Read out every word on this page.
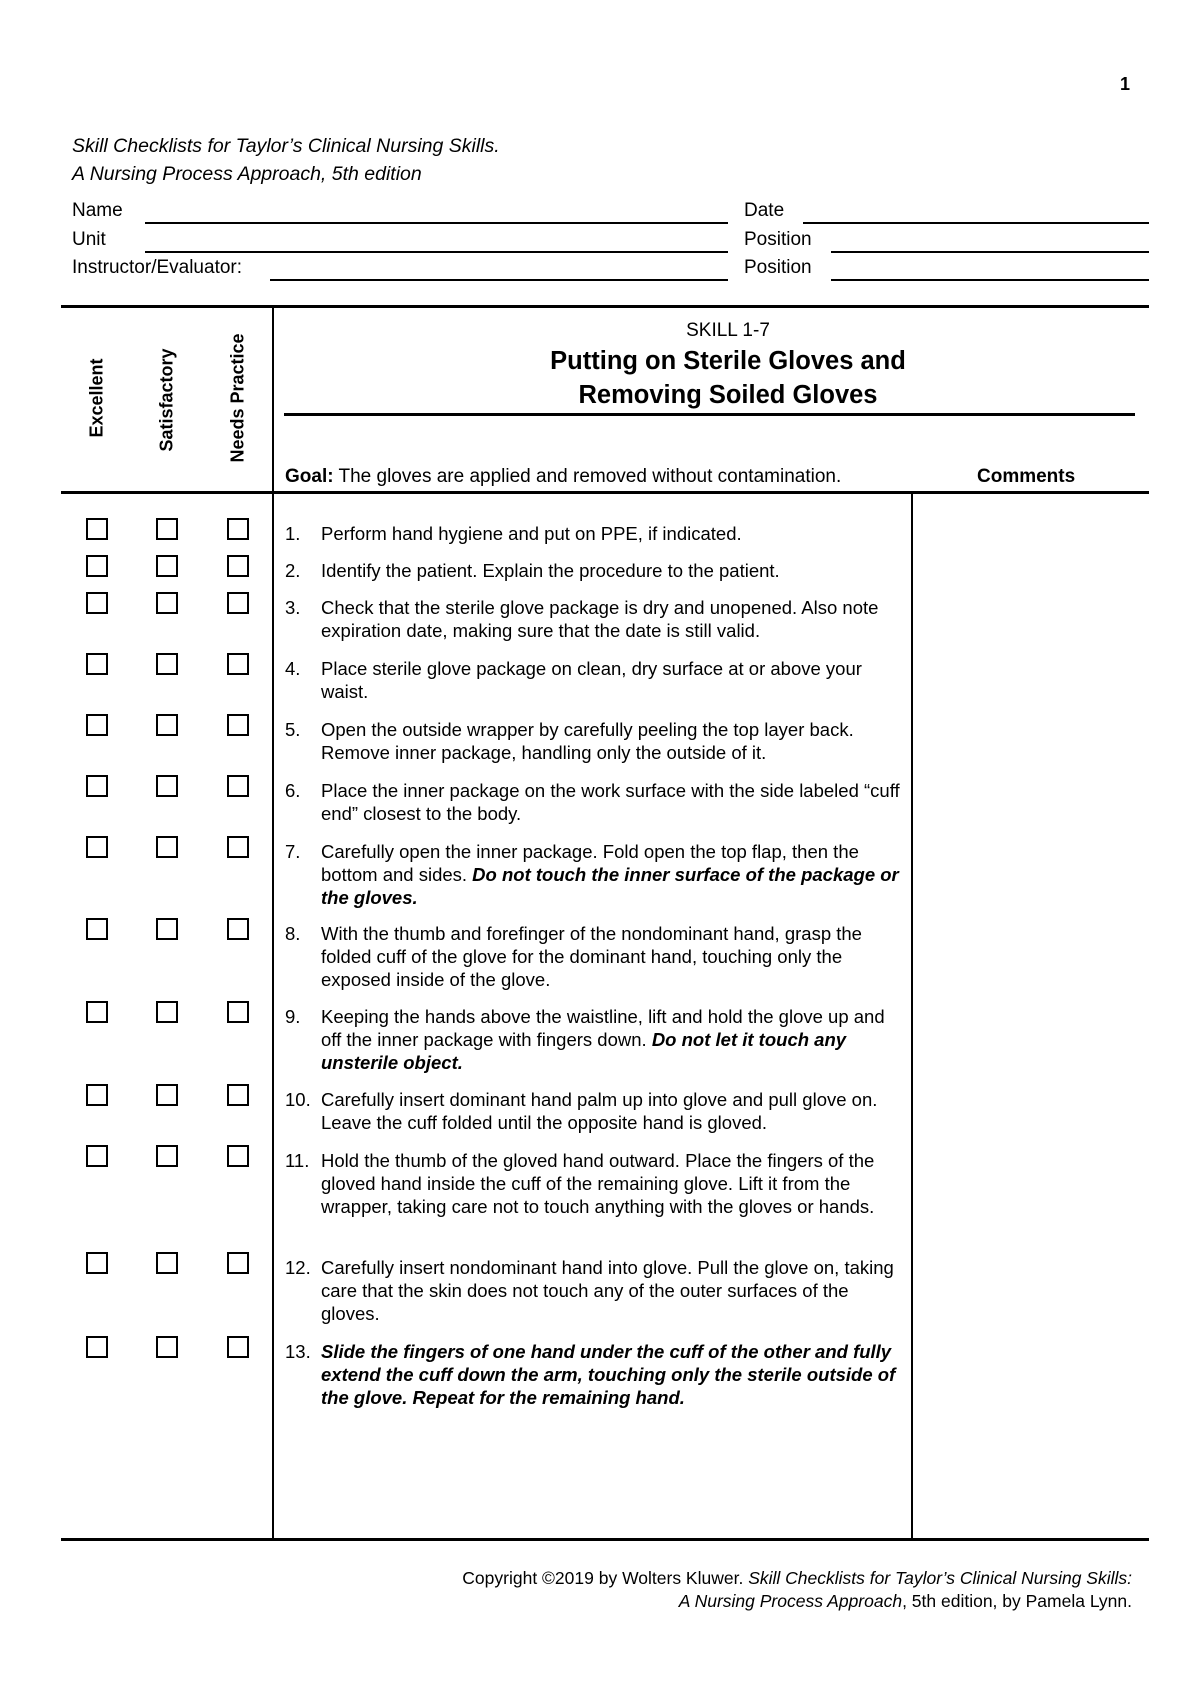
1
Skill Checklists for Taylor’s Clinical Nursing Skills.
A Nursing Process Approach, 5th edition
Name	Date
Unit	Position
Instructor/Evaluator:	Position
Excellent	Satisfactory	Needs Practice
SKILL 1-7
Putting on Sterile Gloves and
Removing Soiled Gloves
Goal: The gloves are applied and removed without contamination.	Comments
1. Perform hand hygiene and put on PPE, if indicated.
2. Identify the patient. Explain the procedure to the patient.
3. Check that the sterile glove package is dry and unopened. Also note expiration date, making sure that the date is still valid.
4. Place sterile glove package on clean, dry surface at or above your waist.
5. Open the outside wrapper by carefully peeling the top layer back. Remove inner package, handling only the outside of it.
6. Place the inner package on the work surface with the side labeled “cuff end” closest to the body.
7. Carefully open the inner package. Fold open the top flap, then the bottom and sides. Do not touch the inner surface of the package or the gloves.
8. With the thumb and forefinger of the nondominant hand, grasp the folded cuff of the glove for the dominant hand, touching only the exposed inside of the glove.
9. Keeping the hands above the waistline, lift and hold the glove up and off the inner package with fingers down. Do not let it touch any unsterile object.
10. Carefully insert dominant hand palm up into glove and pull glove on. Leave the cuff folded until the opposite hand is gloved.
11. Hold the thumb of the gloved hand outward. Place the fingers of the gloved hand inside the cuff of the remaining glove. Lift it from the wrapper, taking care not to touch anything with the gloves or hands.
12. Carefully insert nondominant hand into glove. Pull the glove on, taking care that the skin does not touch any of the outer surfaces of the gloves.
13. Slide the fingers of one hand under the cuff of the other and fully extend the cuff down the arm, touching only the sterile outside of the glove. Repeat for the remaining hand.
Copyright ©2019 by Wolters Kluwer. Skill Checklists for Taylor’s Clinical Nursing Skills:
A Nursing Process Approach, 5th edition, by Pamela Lynn.
